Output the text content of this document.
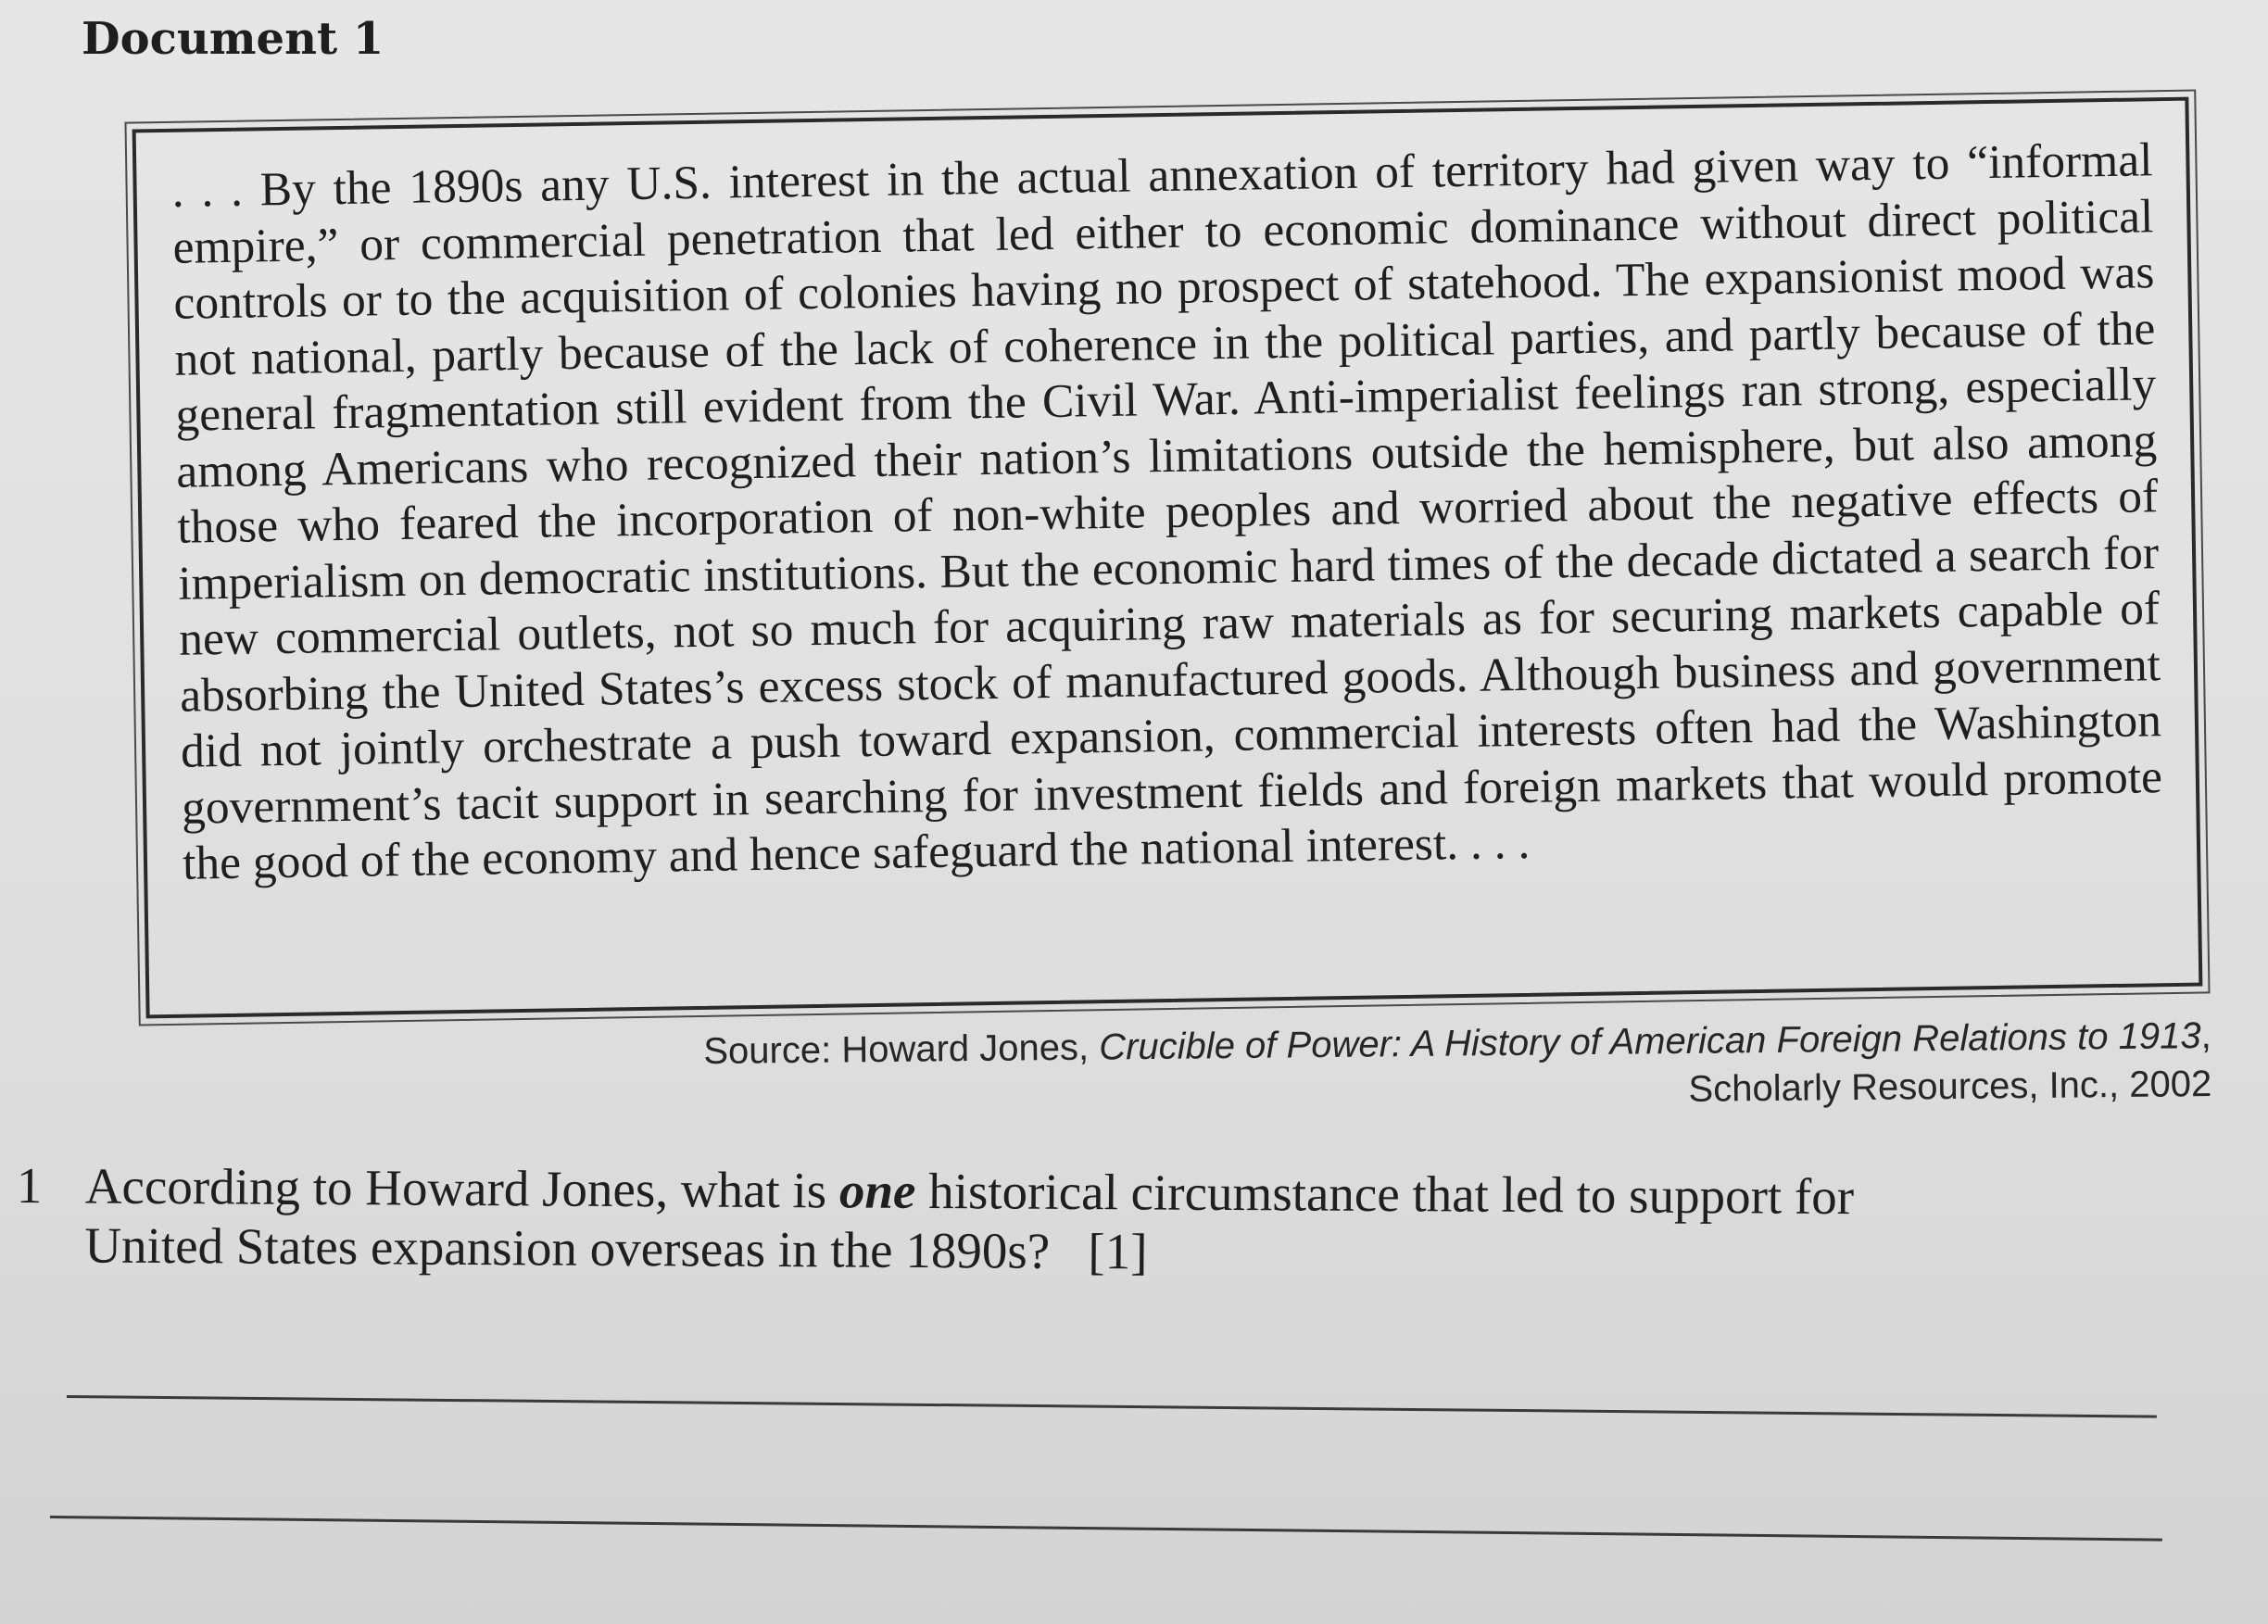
Document 1

. . . By the 1890s any U.S. interest in the actual annexation of territory had given way to “informal empire,” or commercial penetration that led either to economic dominance without direct political controls or to the acquisition of colonies having no prospect of statehood. The expansionist mood was not national, partly because of the lack of coherence in the political parties, and partly because of the general fragmentation still evident from the Civil War. Anti-imperialist feelings ran strong, especially among Americans who recognized their nation’s limitations outside the hemisphere, but also among those who feared the incorporation of non-white peoples and worried about the negative effects of imperialism on democratic institutions. But the economic hard times of the decade dictated a search for new commercial outlets, not so much for acquiring raw materials as for securing markets capable of absorbing the United States’s excess stock of manufactured goods. Although business and government did not jointly orchestrate a push toward expansion, commercial interests often had the Washington government’s tacit support in searching for investment fields and foreign markets that would promote the good of the economy and hence safeguard the national interest. . . .

Source: Howard Jones, Crucible of Power: A History of American Foreign Relations to 1913,
Scholarly Resources, Inc., 2002
1 According to Howard Jones, what is one historical circumstance that led to support for
United States expansion overseas in the 1890s? [1]
